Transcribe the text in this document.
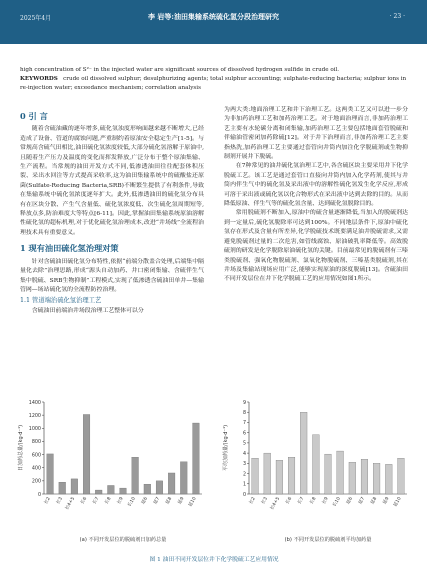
2025年4月	李 岩等:油田集输系统硫化氢分段治理研究	· 23 ·
high concentration of S²⁻ in the injected water are significant sources of dissolved hydrogen sulfide in crude oil.
KEYWORDS crude oil dissolved sulphur; desulphurizing agents; total sulphur accounting; sulphate-reducing bacteria; sulphur ions in re-injection water; exceedance mechanism; correlation analysis
0 引 言

随着含硫油藏的逐年增多,硫化氢浊度形响面越来越不断增大,已经造成了设备、管道的腐蚀问题,严重制约着原油安全稳定生产[1-5]。与常规高含硫气田相比,油田硫化氢浓度较低,大部分硫化氢溶解于原油中,且随着生产压力及温度的变化而挥发释放,广泛分布于整个原油集输、生产流程。当常规的油田开发方式不同,低渗透油田往往配套体积压裂、采出水回注等方式提高采收率,这为油田集输系统中的硫酸盐还原菌(Sulfate-Reducing Bacteria,SRB)不断繁生提供了有利条件,导致在集输系统中硫化氢浓度逐年扩大。此外,低渗透油田的硫化氢分布具有在区块分散、产生气含量低、硫化氢浓度低、次生硫化氢周期短等,释放点多,防治难度大等特点[6-11]。因此,掌握油田集输系统原油溶解性硫化氢的超标机理,对于优化硫化氢治理成本,改进“井场线”全流程治理技术具有重要意义。

1 现有油田硫化氢治理对策

针对含硫油田硫化氢分布特性,依据“前端分散盖合处理,后端集中隔量化去除”治理思路,形成“源头自动加药、井口密闭集输、含硫伴生气集中脱硫、SRB生物抑制”工程模式,实现了低渗透含硫油田单井—集输管网—场站硫化氢的全流程防控治理。

1.1 管道端治硫化氢治理工艺

含硫油田前端治井场段治理工艺整体可以分

为两大类:地面治理工艺和井下治理工艺。这两类工艺又可以进一步分为非加药治理工艺和加药治理工艺。对于地面治理而言,非加药治理工艺主要有水轮碳分离和闭集输,加药治理工艺主要包括地面套管脱硫和伴输油管密闭加药除硫[12]。对于井下治理而言,非加药治理工艺主要指热洗,加药治理工艺主要通过套管向井筒内加注化学脱硫剂或生物抑制剂开展井下脱硫。

在7种常见的油井硫化氢治理工艺中,各含硫区块主要采用井下化学脱硫工艺。该工艺是通过套管口直接向井筒内加入化学药剂,使其与井筒内伴生气中的硫化氢及采出液中的溶解性硫化氢发生化学反应,形成可溶于采出液或硫化氢以化合物形式在采出液中达到去除的目的。从而降低原油、伴生气等的硫化氢含量、达到硫化氢脱除目的。

常用脱硫剂不断加入,原油中的硫含量逐渐降低,当加入的脱硫剂达到一定量后,硫化氢脱除率可达到100%。不同地层条件下,原油中硫化氢存在形式及含量有所差异,化学脱硫技术既要满足油井脱硫需求,又需避免脱硫剂过量的二次危害,如管线腐蚀、原油破乳率降低等。高效脱硫剂的研发是化学脱除原油硫化氢的关键。目前最常见的脱硫剂有三嗪类脱硫剂、强氧化物脱硫剂、氯氧化物脱硫剂、三嗪基类脱硫剂,其在井场及集输站现场应用广泛,能够实现原油的深度脱硫[13]。含硫油田不同开发层位在井下化学脱硫工艺的应用情况如图1所示。

0
200
400
600
800
1000
1200
1400
长2 长3 长4+5 长6 长7 长8 长9 长10 延6 延7 延8 延9 延10
日加药总量/(kg·d⁻¹)
(a) 不同开发层位的脱硫剂日加药总量
0
1
2
3
4
5
6
7
8
9
长2 长3 长4+5 长6 长7 长8 长9 长10 延6 延7 延8 延9 延10
平均加药量/(kg·d⁻¹)
(b) 不同开发层位的脱硫剂平均加药量
图 1 油田不同开发层位井下化学脱硫工艺应用情况
